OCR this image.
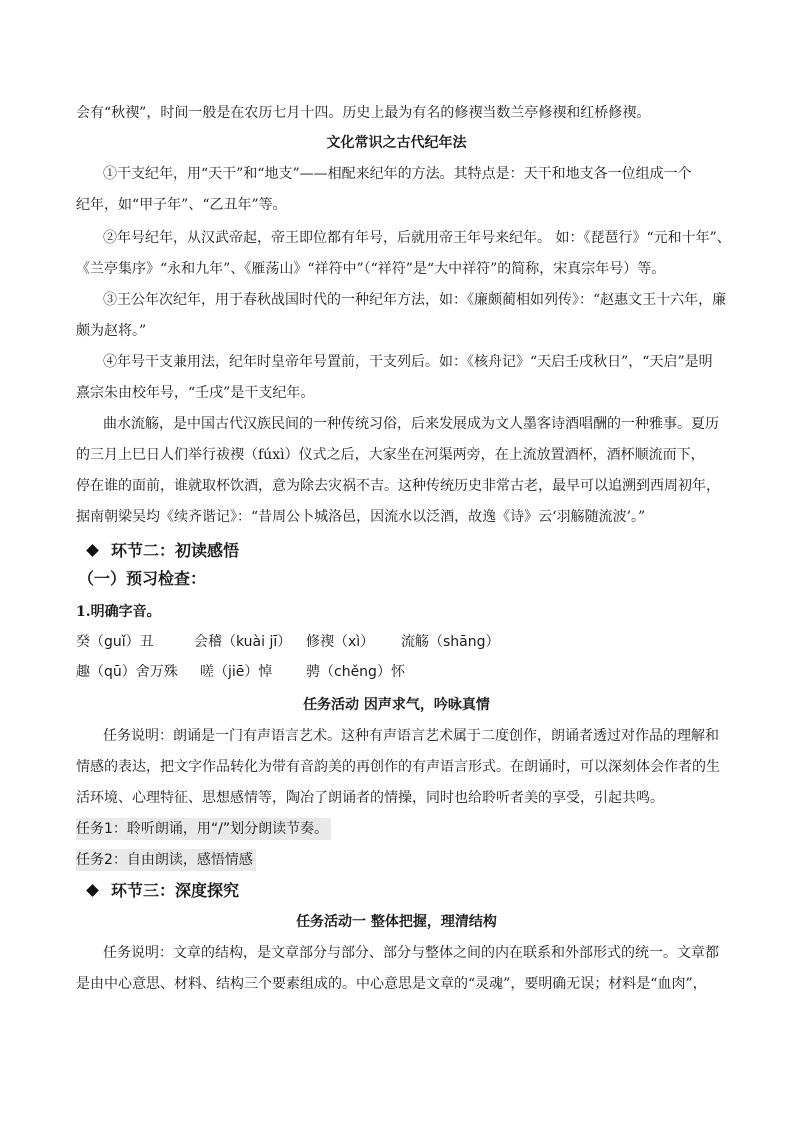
会有“秋禊”，时间一般是在农历七月十四。历史上最为有名的修禊当数兰亭修禊和红桥修禊。
文化常识之古代纪年法
①干支纪年，用“天干”和“地支”——相配来纪年的方法。其特点是：天干和地支各一位组成一个
纪年，如“甲子年”、“乙丑年”等。
②年号纪年，从汉武帝起，帝王即位都有年号，后就用帝王年号来纪年。 如：《琵琶行》“元和十年”、
《兰亭集序》“永和九年”、《雁荡山》“祥符中”（“祥符”是“大中祥符”的简称，宋真宗年号）等。
③王公年次纪年，用于春秋战国时代的一种纪年方法，如：《廉颇蔺相如列传》：“赵惠文王十六年，廉
颇为赵将。”
④年号干支兼用法，纪年时皇帝年号置前，干支列后。如：《核舟记》“天启壬戌秋日”，“天启”是明
熹宗朱由校年号，“壬戌”是干支纪年。
曲水流觞，是中国古代汉族民间的一种传统习俗，后来发展成为文人墨客诗酒唱酬的一种雅事。夏历
的三月上巳日人们举行祓禊（fúxì）仪式之后，大家坐在河渠两旁，在上流放置酒杯，酒杯顺流而下，
停在谁的面前，谁就取杯饮酒，意为除去灾祸不吉。这种传统历史非常古老，最早可以追溯到西周初年，
据南朝梁吴均《续齐谐记》：“昔周公卜城洛邑，因流水以泛酒，故逸《诗》云‘羽觞随流波’。”
环节二：初读感悟
（一）预习检查：
1.明确字音。
癸（guǐ）丑	会稽（kuài jī） 修禊（xì） 流觞（shāng）
趣（qū）舍万殊 嗟（jiē）悼 骋（chěng）怀
任务活动 因声求气，吟咏真情
任务说明：朗诵是一门有声语言艺术。这种有声语言艺术属于二度创作，朗诵者透过对作品的理解和
情感的表达，把文字作品转化为带有音韵美的再创作的有声语言形式。在朗诵时，可以深刻体会作者的生
活环境、心理特征、思想感情等，陶冶了朗诵者的情操，同时也给聆听者美的享受，引起共鸣。
任务1：聆听朗诵，用“/”划分朗读节奏。
任务2：自由朗读，感悟情感
环节三：深度探究
任务活动一 整体把握，理清结构
任务说明：文章的结构，是文章部分与部分、部分与整体之间的内在联系和外部形式的统一。文章都
是由中心意思、材料、结构三个要素组成的。中心意思是文章的“灵魂”，要明确无误；材料是“血肉”，
